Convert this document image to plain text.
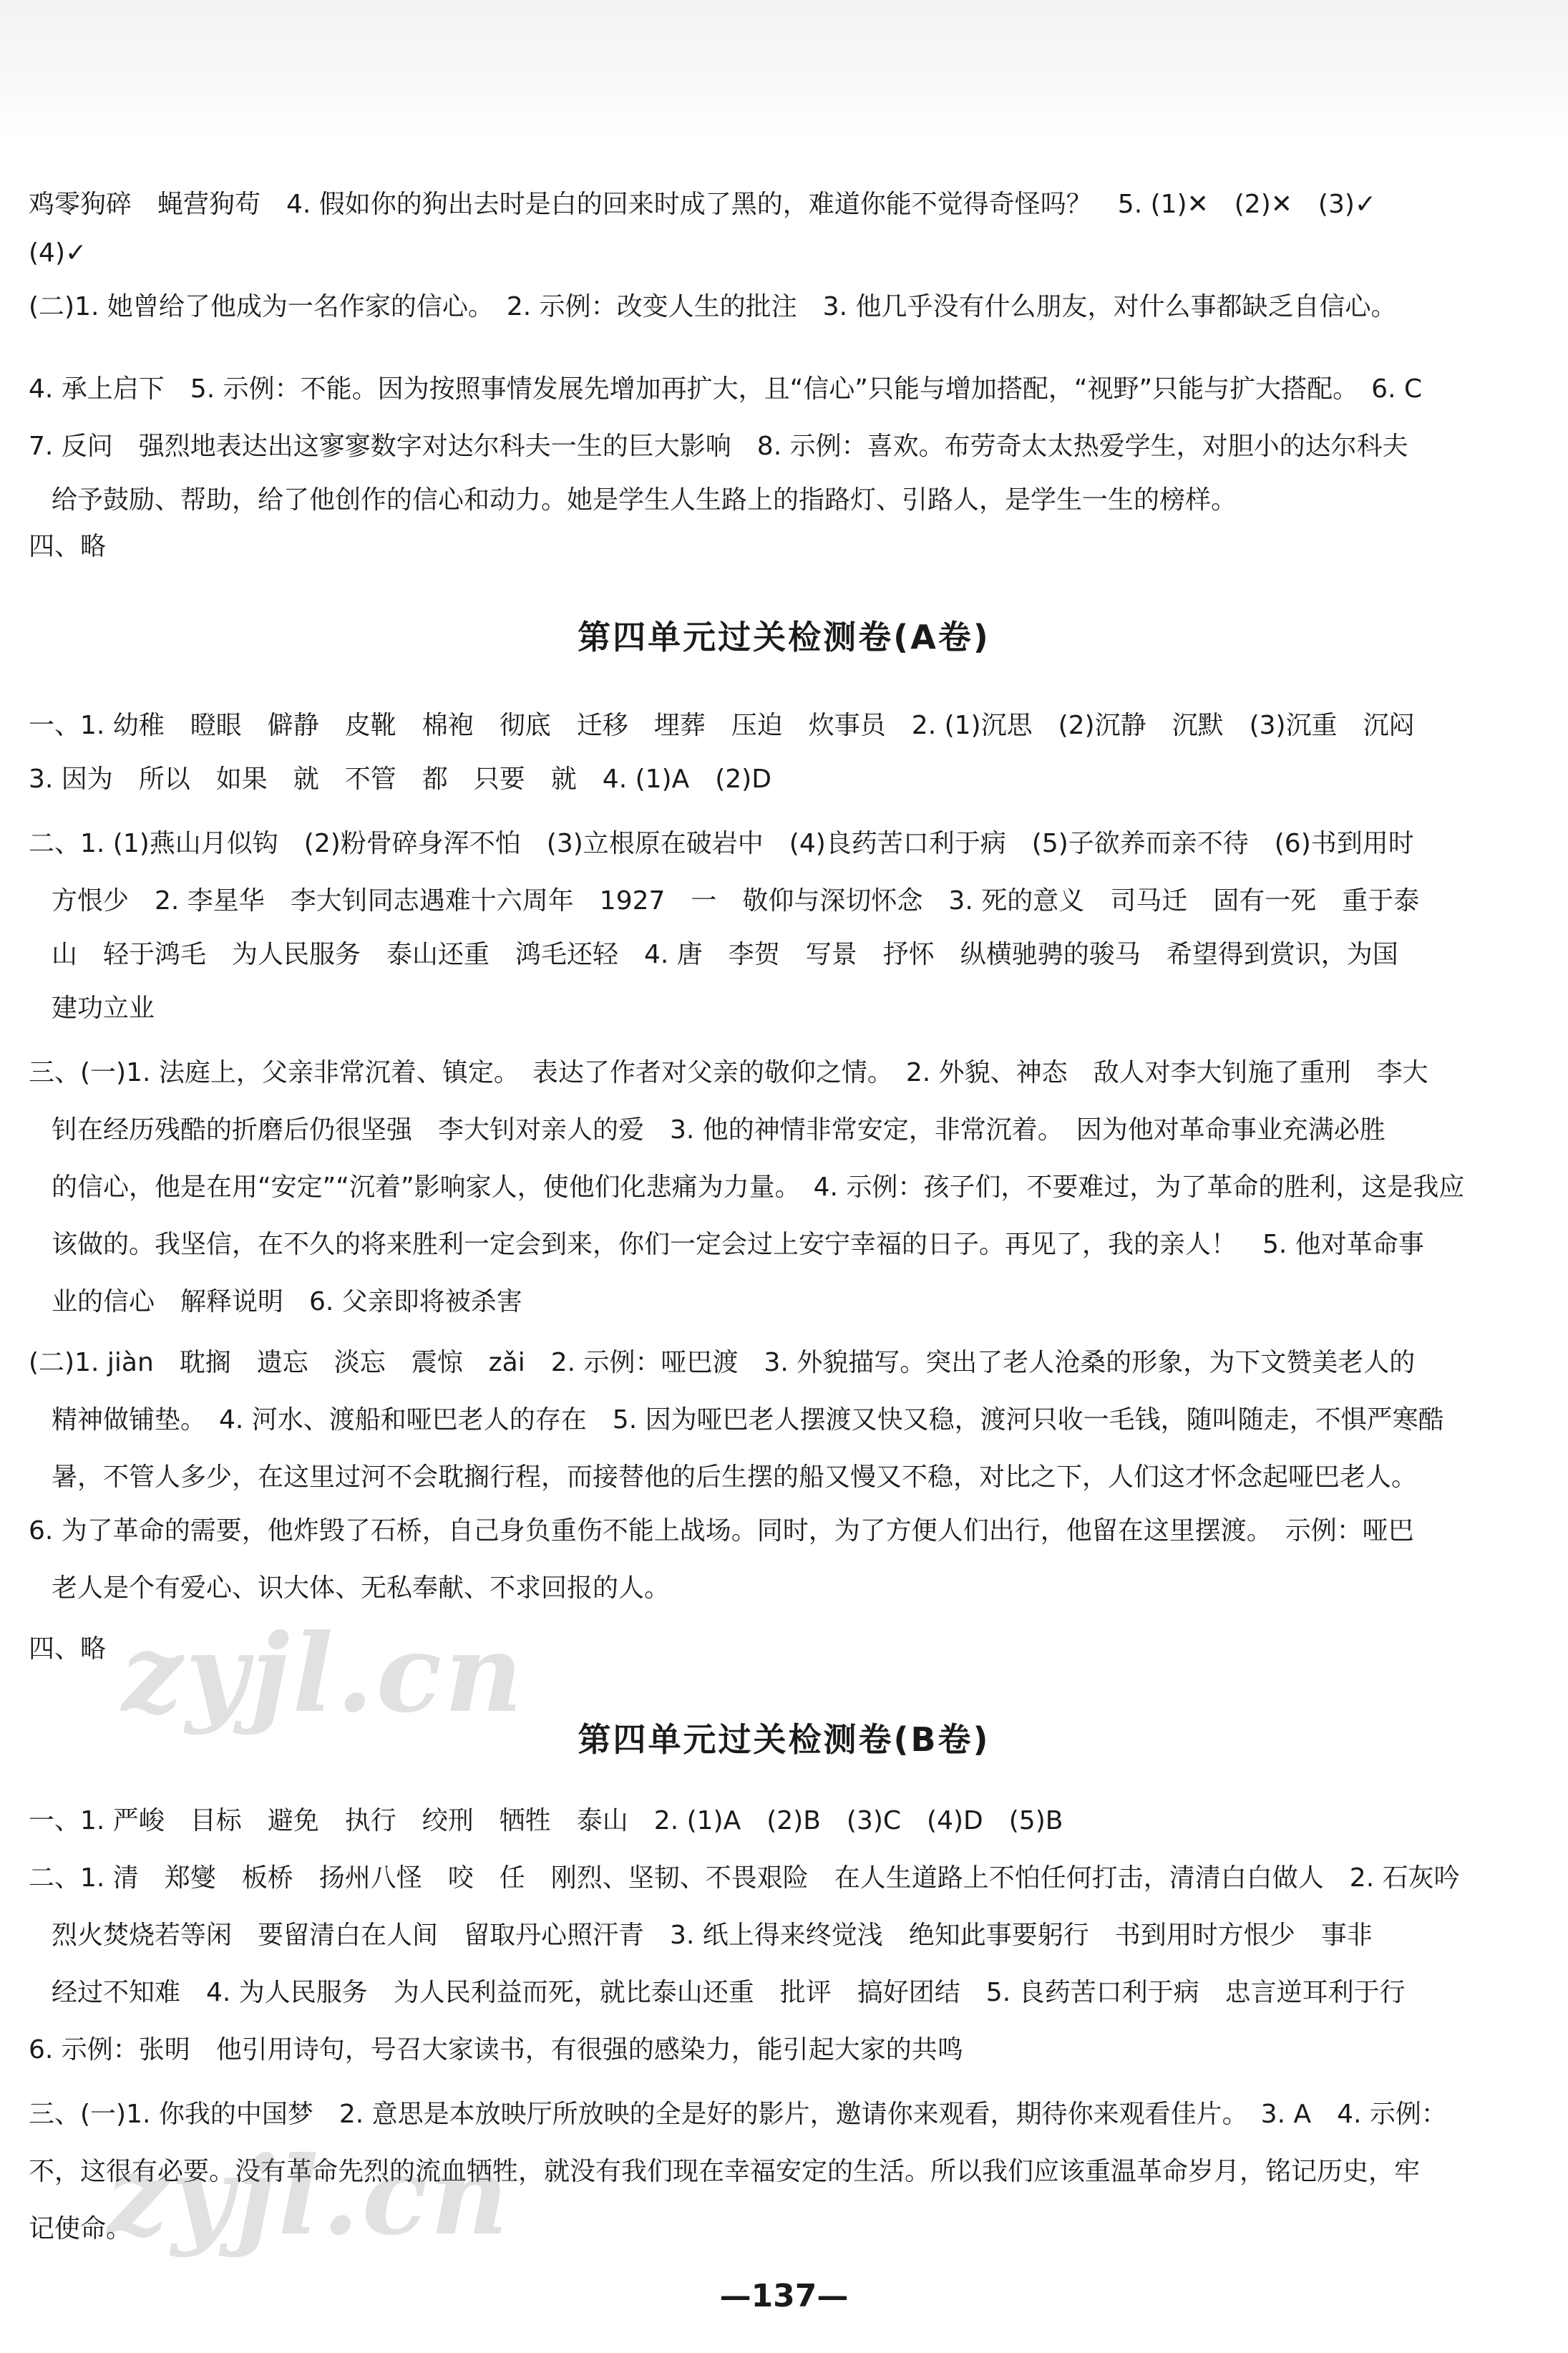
鸡零狗碎　蝇营狗苟　4. 假如你的狗出去时是白的回来时成了黑的，难道你能不觉得奇怪吗？　5. (1)✕　(2)✕　(3)✓
(4)✓
(二)1. 她曾给了他成为一名作家的信心。　2. 示例：改变人生的批注　3. 他几乎没有什么朋友，对什么事都缺乏自信心。
4. 承上启下　5. 示例：不能。因为按照事情发展先增加再扩大，且“信心”只能与增加搭配，“视野”只能与扩大搭配。　6. C
7. 反问　强烈地表达出这寥寥数字对达尔科夫一生的巨大影响　8. 示例：喜欢。布劳奇太太热爱学生，对胆小的达尔科夫
给予鼓励、帮助，给了他创作的信心和动力。她是学生人生路上的指路灯、引路人，是学生一生的榜样。
四、略
第四单元过关检测卷(A卷)
一、1. 幼稚　瞪眼　僻静　皮靴　棉袍　彻底　迁移　埋葬　压迫　炊事员　2. (1)沉思　(2)沉静　沉默　(3)沉重　沉闷
3. 因为　所以　如果　就　不管　都　只要　就　4. (1)A　(2)D
二、1. (1)燕山月似钩　(2)粉骨碎身浑不怕　(3)立根原在破岩中　(4)良药苦口利于病　(5)子欲养而亲不待　(6)书到用时
方恨少　2. 李星华　李大钊同志遇难十六周年　1927　一　敬仰与深切怀念　3. 死的意义　司马迁　固有一死　重于泰
山　轻于鸿毛　为人民服务　泰山还重　鸿毛还轻　4. 唐　李贺　写景　抒怀　纵横驰骋的骏马　希望得到赏识，为国
建功立业
三、(一)1. 法庭上，父亲非常沉着、镇定。　表达了作者对父亲的敬仰之情。　2. 外貌、神态　敌人对李大钊施了重刑　李大
钊在经历残酷的折磨后仍很坚强　李大钊对亲人的爱　3. 他的神情非常安定，非常沉着。　因为他对革命事业充满必胜
的信心，他是在用“安定”“沉着”影响家人，使他们化悲痛为力量。　4. 示例：孩子们，不要难过，为了革命的胜利，这是我应
该做的。我坚信，在不久的将来胜利一定会到来，你们一定会过上安宁幸福的日子。再见了，我的亲人！　5. 他对革命事
业的信心　解释说明　6. 父亲即将被杀害
(二)1. jiàn　耽搁　遗忘　淡忘　震惊　zǎi　2. 示例：哑巴渡　3. 外貌描写。突出了老人沧桑的形象，为下文赞美老人的
精神做铺垫。　4. 河水、渡船和哑巴老人的存在　5. 因为哑巴老人摆渡又快又稳，渡河只收一毛钱，随叫随走，不惧严寒酷
暑，不管人多少，在这里过河不会耽搁行程，而接替他的后生摆的船又慢又不稳，对比之下，人们这才怀念起哑巴老人。
6. 为了革命的需要，他炸毁了石桥，自己身负重伤不能上战场。同时，为了方便人们出行，他留在这里摆渡。　示例：哑巴
老人是个有爱心、识大体、无私奉献、不求回报的人。
四、略
第四单元过关检测卷(B卷)
一、1. 严峻　目标　避免　执行　绞刑　牺牲　泰山　2. (1)A　(2)B　(3)C　(4)D　(5)B
二、1. 清　郑燮　板桥　扬州八怪　咬　任　刚烈、坚韧、不畏艰险　在人生道路上不怕任何打击，清清白白做人　2. 石灰吟
烈火焚烧若等闲　要留清白在人间　留取丹心照汗青　3. 纸上得来终觉浅　绝知此事要躬行　书到用时方恨少　事非
经过不知难　4. 为人民服务　为人民利益而死，就比泰山还重　批评　搞好团结　5. 良药苦口利于病　忠言逆耳利于行
6. 示例：张明　他引用诗句，号召大家读书，有很强的感染力，能引起大家的共鸣
三、(一)1. 你我的中国梦　2. 意思是本放映厅所放映的全是好的影片，邀请你来观看，期待你来观看佳片。　3. A　4. 示例：
不，这很有必要。没有革命先烈的流血牺牲，就没有我们现在幸福安定的生活。所以我们应该重温革命岁月，铭记历史，牢
记使命。
—137—
zyjl.cn
zyjl.cn
